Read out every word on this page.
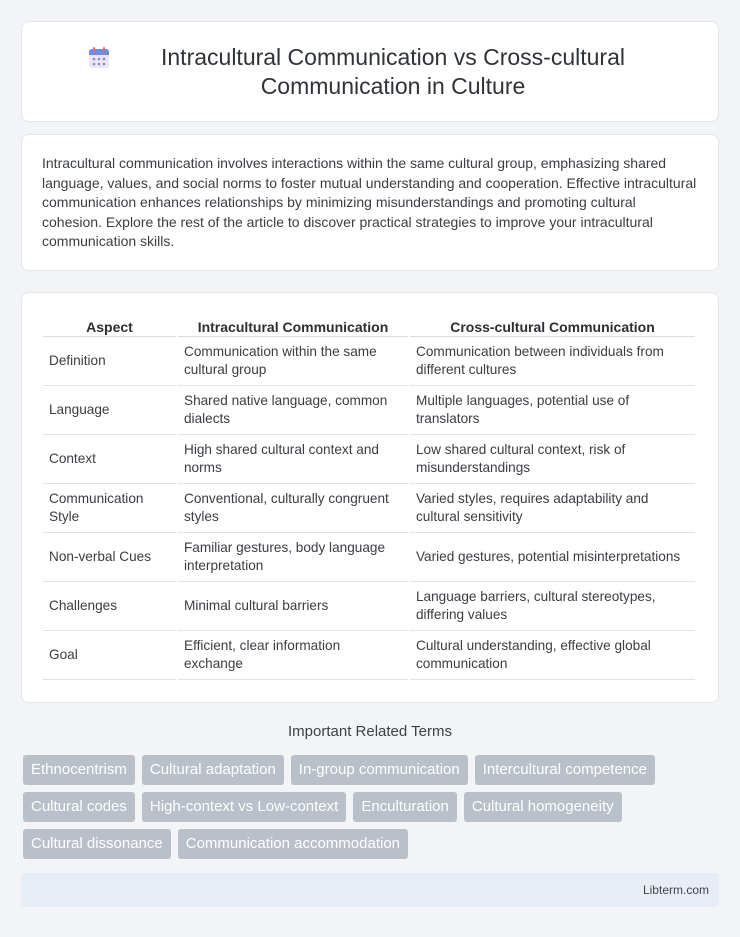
Intracultural Communication vs Cross-cultural Communication in Culture

Intracultural communication involves interactions within the same cultural group, emphasizing shared language, values, and social norms to foster mutual understanding and cooperation. Effective intracultural communication enhances relationships by minimizing misunderstandings and promoting cultural cohesion. Explore the rest of the article to discover practical strategies to improve your intracultural communication skills.

Aspect	Intracultural Communication	Cross-cultural Communication
Definition	Communication within the same cultural group	Communication between individuals from different cultures
Language	Shared native language, common dialects	Multiple languages, potential use of translators
Context	High shared cultural context and norms	Low shared cultural context, risk of misunderstandings
Communication Style	Conventional, culturally congruent styles	Varied styles, requires adaptability and cultural sensitivity
Non-verbal Cues	Familiar gestures, body language interpretation	Varied gestures, potential misinterpretations
Challenges	Minimal cultural barriers	Language barriers, cultural stereotypes, differing values
Goal	Efficient, clear information exchange	Cultural understanding, effective global communication
Important Related Terms
Ethnocentrism	Cultural adaptation	In-group communication	Intercultural competence
Cultural codes	High-context vs Low-context	Enculturation	Cultural homogeneity
Cultural dissonance	Communication accommodation
Libterm.com
